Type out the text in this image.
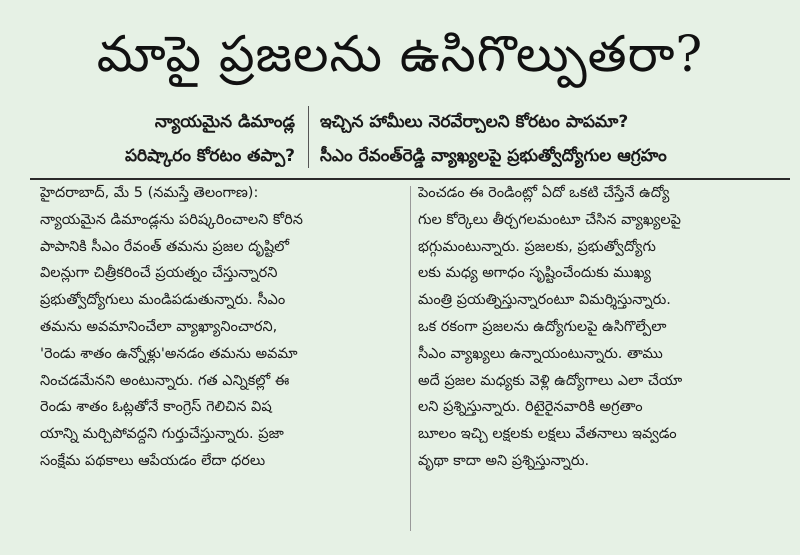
మాపై ప్రజలను ఉసిగొల్పుతరా?
న్యాయమైన డిమాండ్ల
పరిష్కారం కోరటం తప్పా?
ఇచ్చిన హామీలు నెరవేర్చాలని కోరటం పాపమా?
సీఎం రేవంత్‌రెడ్డి వ్యాఖ్యలపై ప్రభుత్వోద్యోగుల ఆగ్రహం
హైదరాబాద్, మే 5 (నమస్తే తెలంగాణ):
న్యాయమైన డిమాండ్లను పరిష్కరించాలని కోరిన
పాపానికి సీఎం రేవంత్ తమను ప్రజల దృష్టిలో
విలన్లుగా చిత్రీకరించే ప్రయత్నం చేస్తున్నారని
ప్రభుత్వోద్యోగులు మండిపడుతున్నారు. సీఎం
తమను అవమానించేలా వ్యాఖ్యానించారని,
'రెండు శాతం ఉన్నోళ్లు'అనడం తమను అవమా
నించడమేనని అంటున్నారు. గత ఎన్నికల్లో ఈ
రెండు శాతం ఓట్లతోనే కాంగ్రెస్ గెలిచిన విష
యాన్ని మర్చిపోవద్దని గుర్తుచేస్తున్నారు. ప్రజా
సంక్షేమ పథకాలు ఆపేయడం లేదా ధరలు
పెంచడం ఈ రెండింట్లో ఏదో ఒకటి చేస్తేనే ఉద్యో
గుల కోర్కెలు తీర్చగలమంటూ చేసిన వ్యాఖ్యలపై
భగ్గుమంటున్నారు. ప్రజలకు, ప్రభుత్వోద్యోగు
లకు మధ్య అగాధం సృష్టించేందుకు ముఖ్య
మంత్రి ప్రయత్నిస్తున్నారంటూ విమర్శిస్తున్నారు.
ఒక రకంగా ప్రజలను ఉద్యోగులపై ఉసిగొల్పేలా
సీఎం వ్యాఖ్యలు ఉన్నాయంటున్నారు. తాము
అదే ప్రజల మధ్యకు వెళ్లి ఉద్యోగాలు ఎలా చేయా
లని ప్రశ్నిస్తున్నారు. రిటైరైనవారికి అగ్రతాం
బూలం ఇచ్చి లక్షలకు లక్షలు వేతనాలు ఇవ్వడం
వృథా కాదా అని ప్రశ్నిస్తున్నారు.
